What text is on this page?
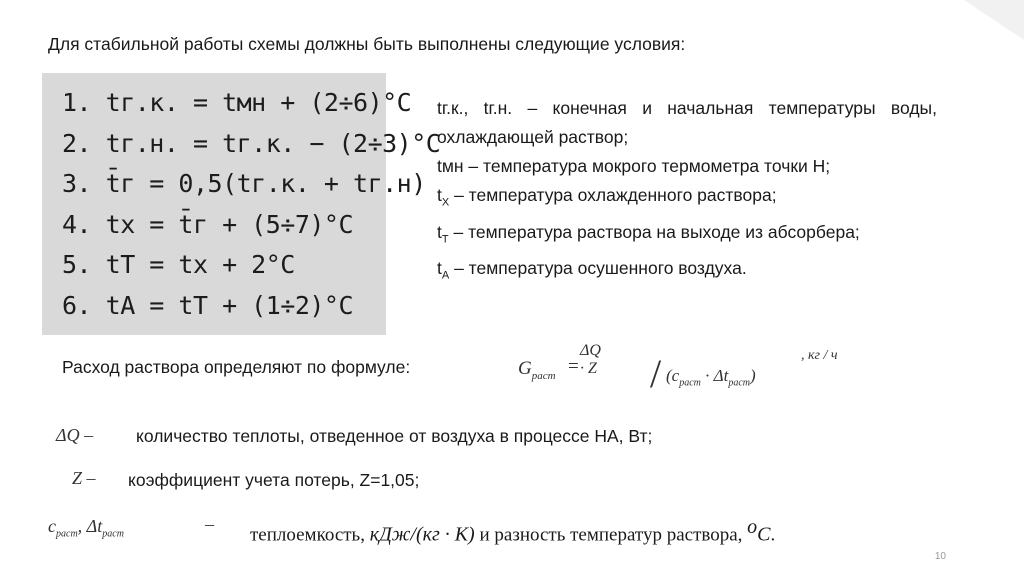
Для стабильной работы схемы должны быть выполнены следующие условия:
1. tг.к. = tмн + (2÷6)°C
2. tг.н. = tг.к. − (2÷3)°C
3. t̄г = 0,5(tг.к. + tг.н)
4. tx = t̄г + (5÷7)°C
5. tT = tx + 2°C
6. tA = tT + (1÷2)°C
tг.к., tг.н. – конечная и начальная температуры воды, охлаждающей раствор;
tмн – температура мокрого термометра точки Н;
$t_X$ – температура охлажденного раствора;
$t_T$ – температура раствора на выходе из абсорбера;
$t_A$ – температура осушенного воздуха.
Расход раствора определяют по формуле:	$G_{раст}$ =
$\Delta Q \cdot Z / (c_{раст} \cdot \Delta t_{раст})$
, кг / ч
ΔQ – количество теплоты, отведенное от воздуха в процессе НА, Вт;
Z – коэффициент учета потерь, Z=1,05;
$c_{раст}$, $\Delta t_{раст}$
–
теплоемкость, кДж/(кг · К) и разность температур раствора, $^o$C.
10
